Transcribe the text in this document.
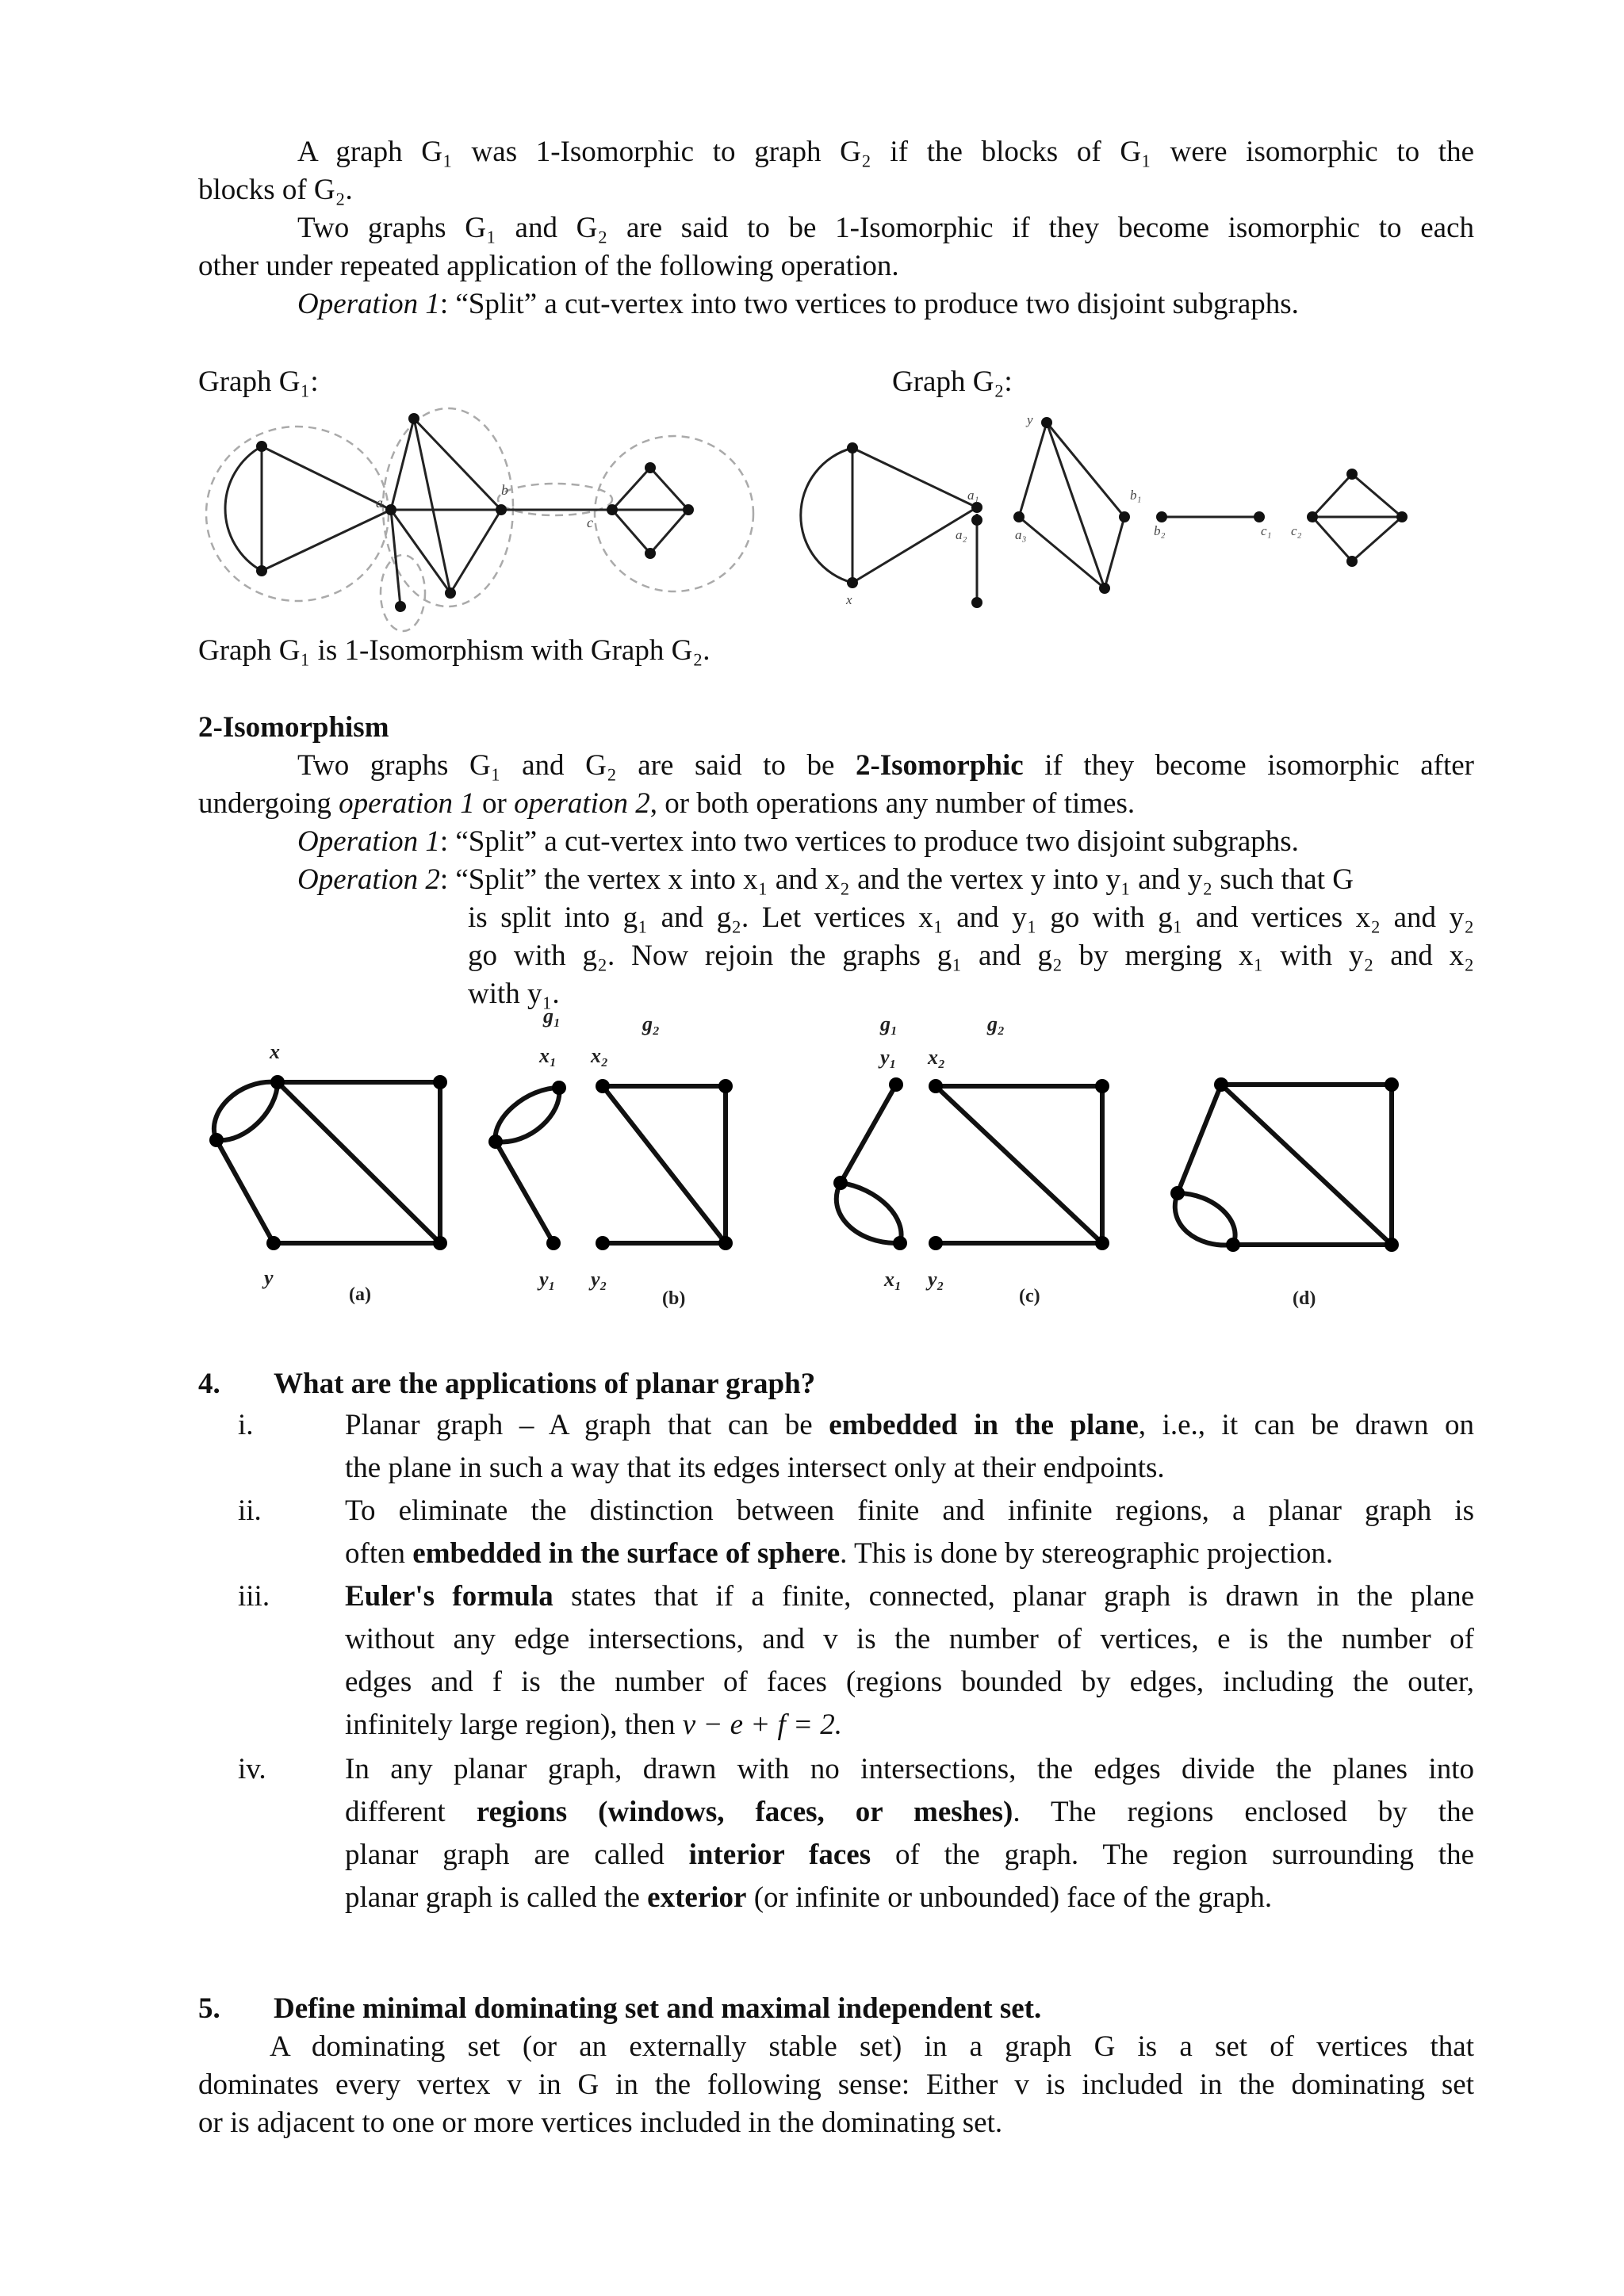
A graph G₁ was 1-Isomorphic to graph G₂ if the blocks of G₁ were isomorphic to the
blocks of G₂.
Two graphs G₁ and G₂ are said to be 1-Isomorphic if they become isomorphic to each
other under repeated application of the following operation.
Operation 1: “Split” a cut-vertex into two vertices to produce two disjoint subgraphs.
Graph G₁:	Graph G₂:
a
b
c
y
x
a₁
a₂	a₃
b₁
b₂	c₁ c₂
Graph G₁ is 1-Isomorphism with Graph G₂.
2-Isomorphism
Two graphs G₁ and G₂ are said to be 2-Isomorphic if they become isomorphic after
undergoing operation 1 or operation 2, or both operations any number of times.
Operation 1: “Split” a cut-vertex into two vertices to produce two disjoint subgraphs.
Operation 2: “Split” the vertex x into x₁ and x₂ and the vertex y into y₁ and y₂ such that G
is split into g₁ and g₂. Let vertices x₁ and y₁ go with g₁ and vertices x₂ and y₂
go with g₂. Now rejoin the graphs g₁ and g₂ by merging x₁ with y₂ and x₂
with y₁.
x
y
g₁	g₂
x₁ x₂
y₁ y₂
g₁	g₂
y₁ x₂
x₁ y₂
(a)	(b)	(c)	(d)
4. What are the applications of planar graph?
i.	Planar graph – A graph that can be embedded in the plane, i.e., it can be drawn on
the plane in such a way that its edges intersect only at their endpoints.
ii.	To eliminate the distinction between finite and infinite regions, a planar graph is
often embedded in the surface of sphere. This is done by stereographic projection.
iii.	Euler's formula states that if a finite, connected, planar graph is drawn in the plane
without any edge intersections, and v is the number of vertices, e is the number of
edges and f is the number of faces (regions bounded by edges, including the outer,
infinitely large region), then v − e + f = 2.
iv.	In any planar graph, drawn with no intersections, the edges divide the planes into
different regions (windows, faces, or meshes). The regions enclosed by the
planar graph are called interior faces of the graph. The region surrounding the
planar graph is called the exterior (or infinite or unbounded) face of the graph.
5. Define minimal dominating set and maximal independent set.
A dominating set (or an externally stable set) in a graph G is a set of vertices that
dominates every vertex v in G in the following sense: Either v is included in the dominating set
or is adjacent to one or more vertices included in the dominating set.
